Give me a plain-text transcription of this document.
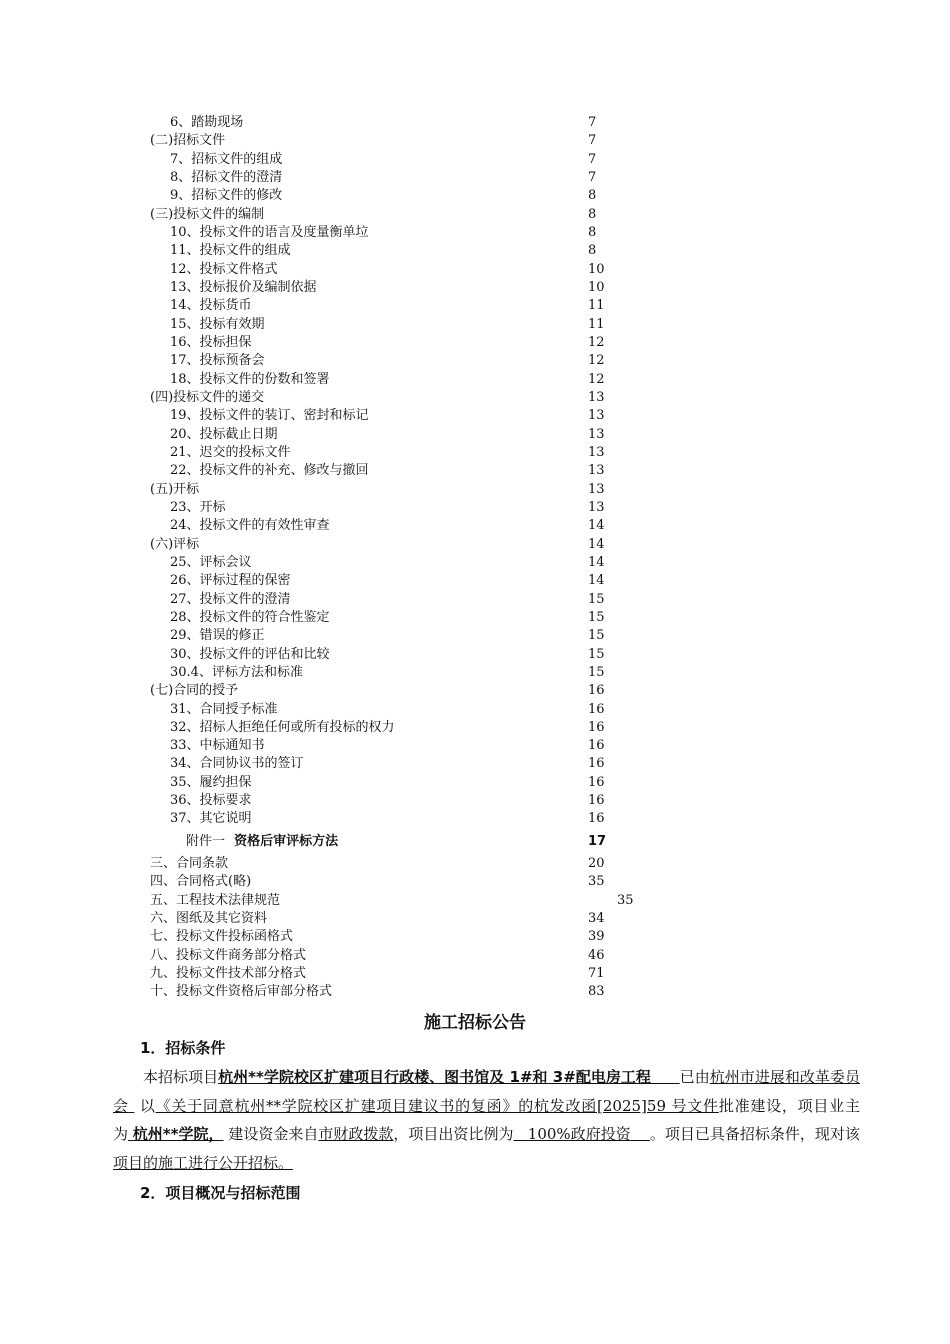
6、踏勘现场	7
(二)招标文件	7
7、招标文件的组成	7
8、招标文件的澄清	7
9、招标文件的修改	8
(三)投标文件的编制	8
10、投标文件的语言及度量衡单垃	8
11、投标文件的组成	8
12、投标文件格式	10
13、投标报价及编制依据	10
14、投标货币	11
15、投标有效期	11
16、投标担保	12
17、投标预备会	12
18、投标文件的份数和签署	12
(四)投标文件的递交	13
19、投标文件的装订、密封和标记	13
20、投标截止日期	13
21、迟交的投标文件	13
22、投标文件的补充、修改与撤回	13
(五)开标	13
23、开标	13
24、投标文件的有效性审查	14
(六)评标	14
25、评标会议	14
26、评标过程的保密	14
27、投标文件的澄清	15
28、投标文件的符合性鉴定	15
29、错误的修正	15
30、投标文件的评估和比较	15
30.4、评标方法和标准	15
(七)合同的授予	16
31、合同授予标准	16
32、招标人拒绝任何或所有投标的权力	16
33、中标通知书	16
34、合同协议书的签订	16
35、履约担保	16
36、投标要求	16
37、其它说明	16
附件一 资格后审评标方法	17
三、合同条款	20
四、合同格式(略)	35
五、工程技术法律规范	35
六、图纸及其它资料	34
七、投标文件投标函格式	39
八、投标文件商务部分格式	46
九、投标文件技术部分格式	71
十、投标文件资格后审部分格式	83
施工招标公告
1．招标条件

本招标项目杭州**学院校区扩建项目行政楼、图书馆及 1#和 3#配电房工程 已由杭州市进展和改革委员会 以《关于同意杭州**学院校区扩建项目建议书的复函》的杭发改函[2025]59 号文件批准建设，项目业主为 杭州**学院， 建设资金来自市财政拨款，项目出资比例为 100%政府投资 。项目已具备招标条件，现对该项目的施工进行公开招标。

2．项目概况与招标范围
